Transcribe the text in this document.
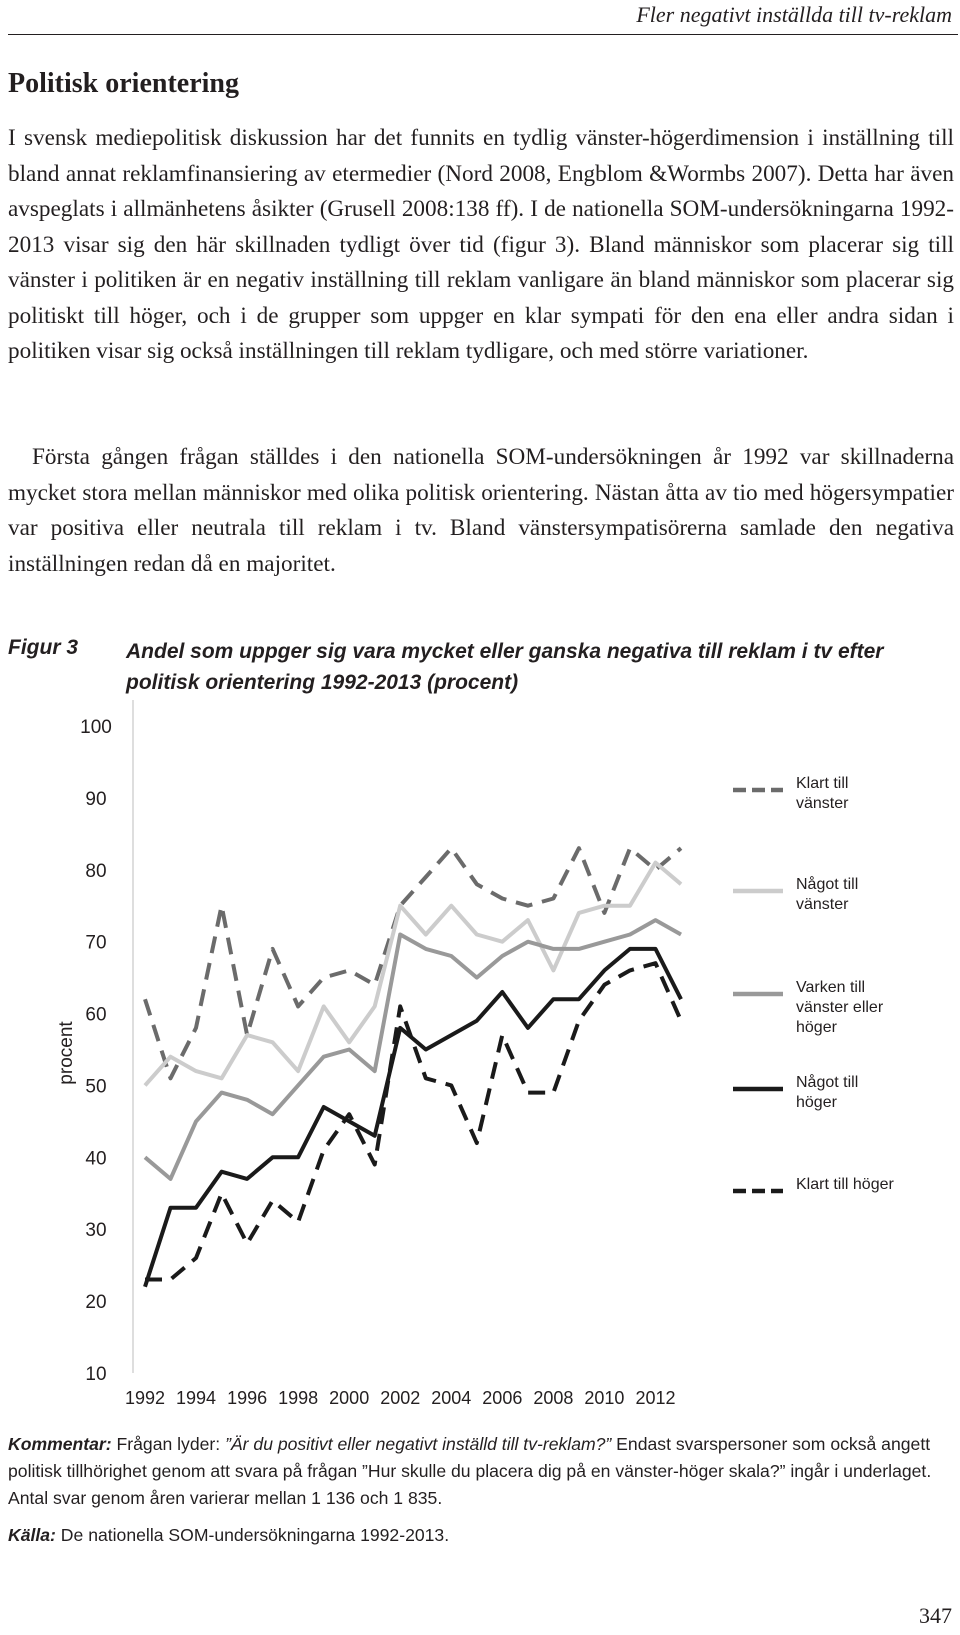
Fler negativt inställda till tv-reklam
Politisk orientering

I svensk mediepolitisk diskussion har det funnits en tydlig vänster-högerdimension i inställning till bland annat reklamfinansiering av etermedier (Nord 2008, Engblom &Wormbs 2007). Detta har även avspeglats i allmänhetens åsikter (Grusell 2008:138 ff). I de nationella SOM-undersökningarna 1992-2013 visar sig den här skillnaden tydligt över tid (figur 3). Bland människor som placerar sig till vänster i politiken är en negativ inställning till reklam vanligare än bland människor som placerar sig politiskt till höger, och i de grupper som uppger en klar sympati för den ena eller andra sidan i politiken visar sig också inställningen till reklam tydligare, och med större variationer.

Första gången frågan ställdes i den nationella SOM-undersökningen år 1992 var skillnaderna mycket stora mellan människor med olika politisk orientering. Nästan åtta av tio med högersympatier var positiva eller neutrala till reklam i tv. Bland vänstersympatisörerna samlade den negativa inställningen redan då en majoritet.

Figur 3 Andel som uppger sig vara mycket eller ganska negativa till reklam i tv efter politisk orientering 1992-2013 (procent)

10
20
30
40
50
60
70
80
90
100
procent
1992 1994 1996 1998 2000 2002 2004 2006 2008 2010 2012
Klart till vänster
Något till vänster
Varken till vänster eller höger
Något till höger
Klart till höger

Kommentar: Frågan lyder: ”Är du positivt eller negativt inställd till tv-reklam?” Endast svarspersoner som också angett politisk tillhörighet genom att svara på frågan ”Hur skulle du placera dig på en vänster-höger skala?” ingår i underlaget. Antal svar genom åren varierar mellan 1 136 och 1 835.

Källa: De nationella SOM-undersökningarna 1992-2013.

347
